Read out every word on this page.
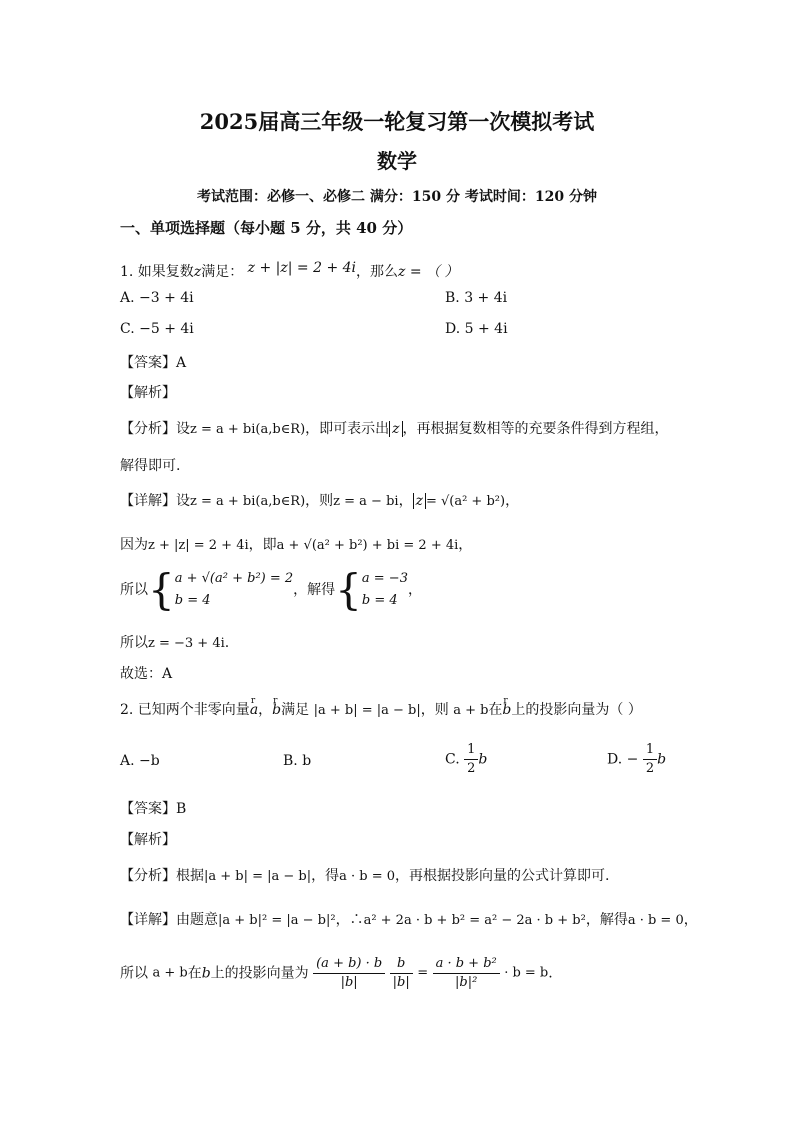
2025届高三年级一轮复习第一次模拟考试
数学
考试范围：必修一、必修二 满分：150 分 考试时间：120 分钟
一、单项选择题（每小题 5 分，共 40 分）
1. 如果复数z满足： z + |z| = 2 + 4i，那么z = （ ）
A. −3 + 4i	B. 3 + 4i
C. −5 + 4i	D. 5 + 4i
【答案】A
【解析】
【分析】设z = a + bi(a,b∈R)，即可表示出 z ，再根据复数相等的充要条件得到方程组，
解得即可.
【详解】设z = a + bi(a,b∈R)，则z = a − bi， z = √(a² + b²)，
因为z + |z| = 2 + 4i，即a + √(a² + b²) + bi = 2 + 4i，
所以{ a + √(a² + b²) = 2
b = 4
，解得{ a = −3
b = 4
，
所以z = −3 + 4i.
故选：A
2. 已知两个非零向量r a，r b满足 |a + b| = |a − b|，则 a + b在r b上的投影向量为（ ）
A. −b	B. b	C. $\frac{1}{2}$ b	D. − $\frac{1}{2}$ b
【答案】B
【解析】
【分析】根据|a + b| = |a − b|，得a · b = 0，再根据投影向量的公式计算即可.
【详解】由题意|a + b|² = |a − b|²，∴a² + 2a · b + b² = a² − 2a · b + b²，解得a · b = 0，
所以 a + b在b上的投影向量为 $\frac{(a + b) \cdot b}{|b|}$
$\frac{b}{|b|} = \frac{\text{a · b + b²}}{\text{|b|²}} \cdot b = b$.
